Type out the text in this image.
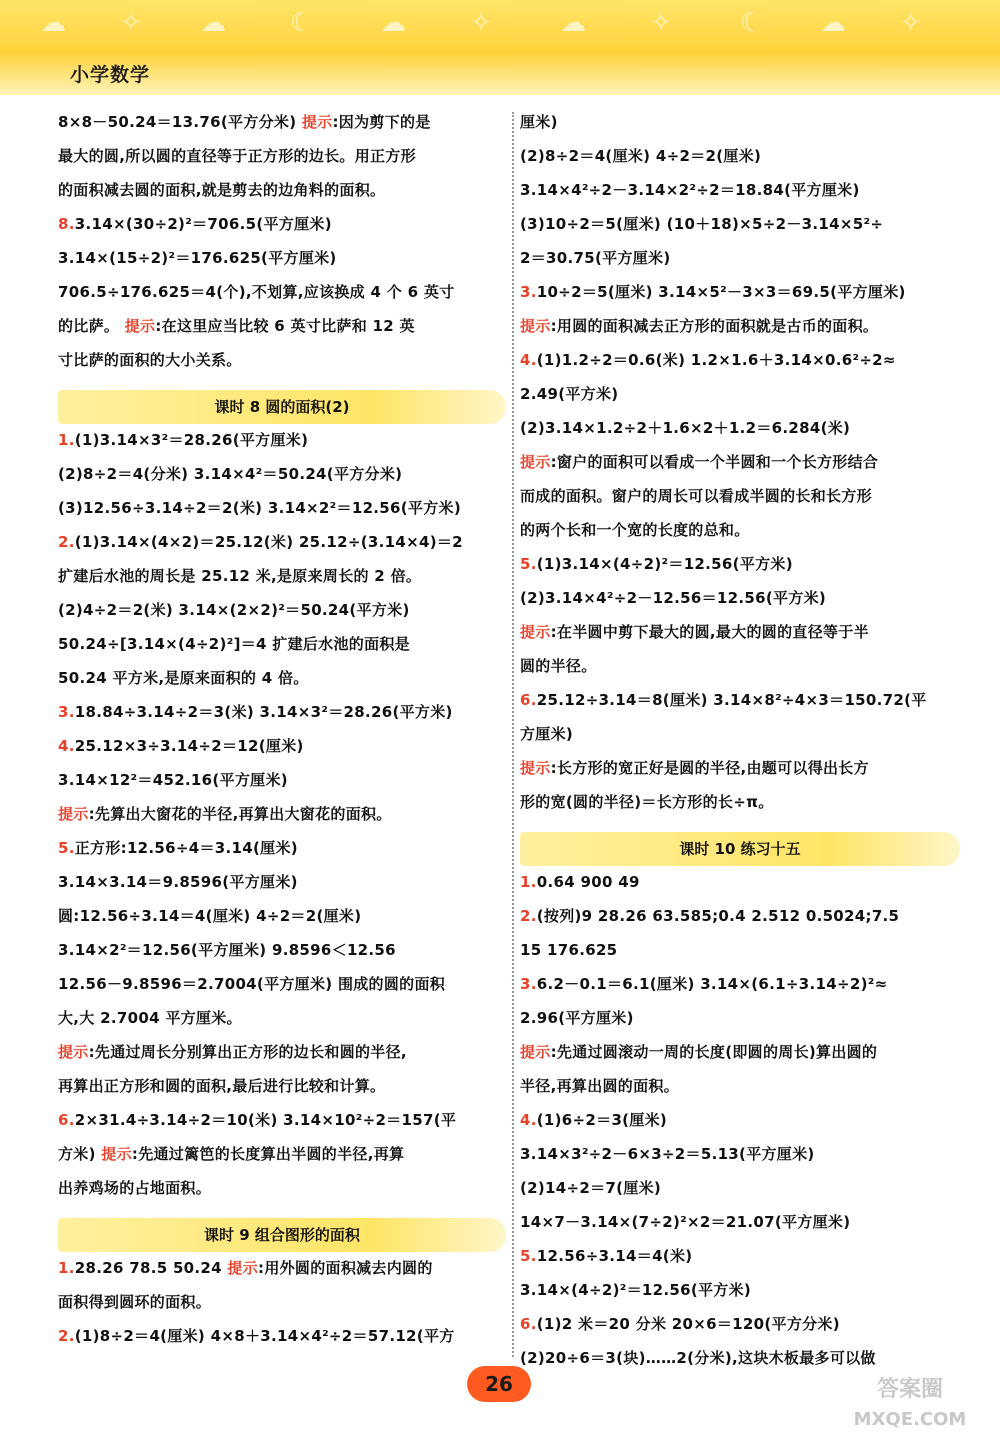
☁ ✧ ☁ ☾	☁ ✧	☁ ✧	☾ ☁ ✧
小学数学
8×8－50.24＝13.76(平方分米) 提示:因为剪下的是
最大的圆,所以圆的直径等于正方形的边长。用正方形
的面积减去圆的面积,就是剪去的边角料的面积。
8.3.14×(30÷2)²＝706.5(平方厘米)
3.14×(15÷2)²＝176.625(平方厘米)
706.5÷176.625＝4(个),不划算,应该换成 4 个 6 英寸
的比萨。 提示:在这里应当比较 6 英寸比萨和 12 英
寸比萨的面积的大小关系。
课时 8 圆的面积(2)
1.(1)3.14×3²＝28.26(平方厘米)
(2)8÷2＝4(分米) 3.14×4²＝50.24(平方分米)
(3)12.56÷3.14÷2＝2(米) 3.14×2²＝12.56(平方米)
2.(1)3.14×(4×2)＝25.12(米) 25.12÷(3.14×4)＝2
扩建后水池的周长是 25.12 米,是原来周长的 2 倍。
(2)4÷2＝2(米) 3.14×(2×2)²＝50.24(平方米)
50.24÷[3.14×(4÷2)²]＝4 扩建后水池的面积是
50.24 平方米,是原来面积的 4 倍。
3.18.84÷3.14÷2＝3(米) 3.14×3²＝28.26(平方米)
4.25.12×3÷3.14÷2＝12(厘米)
3.14×12²＝452.16(平方厘米)
提示:先算出大窗花的半径,再算出大窗花的面积。
5.正方形:12.56÷4＝3.14(厘米)
3.14×3.14＝9.8596(平方厘米)
圆:12.56÷3.14＝4(厘米) 4÷2＝2(厘米)
3.14×2²＝12.56(平方厘米) 9.8596＜12.56
12.56－9.8596＝2.7004(平方厘米) 围成的圆的面积
大,大 2.7004 平方厘米。
提示:先通过周长分别算出正方形的边长和圆的半径,
再算出正方形和圆的面积,最后进行比较和计算。
6.2×31.4÷3.14÷2＝10(米) 3.14×10²÷2＝157(平
方米) 提示:先通过篱笆的长度算出半圆的半径,再算
出养鸡场的占地面积。
课时 9 组合图形的面积
1.28.26 78.5 50.24 提示:用外圆的面积减去内圆的
面积得到圆环的面积。
2.(1)8÷2＝4(厘米) 4×8＋3.14×4²÷2＝57.12(平方
厘米)
(2)8÷2＝4(厘米) 4÷2＝2(厘米)
3.14×4²÷2－3.14×2²÷2＝18.84(平方厘米)
(3)10÷2＝5(厘米) (10＋18)×5÷2－3.14×5²÷
2＝30.75(平方厘米)
3.10÷2＝5(厘米) 3.14×5²－3×3＝69.5(平方厘米)
提示:用圆的面积减去正方形的面积就是古币的面积。
4.(1)1.2÷2＝0.6(米) 1.2×1.6＋3.14×0.6²÷2≈
2.49(平方米)
(2)3.14×1.2÷2＋1.6×2＋1.2＝6.284(米)
提示:窗户的面积可以看成一个半圆和一个长方形结合
而成的面积。窗户的周长可以看成半圆的长和长方形
的两个长和一个宽的长度的总和。
5.(1)3.14×(4÷2)²＝12.56(平方米)
(2)3.14×4²÷2－12.56＝12.56(平方米)
提示:在半圆中剪下最大的圆,最大的圆的直径等于半
圆的半径。
6.25.12÷3.14＝8(厘米) 3.14×8²÷4×3＝150.72(平
方厘米)
提示:长方形的宽正好是圆的半径,由题可以得出长方
形的宽(圆的半径)＝长方形的长÷π。
课时 10 练习十五
1.0.64 900 49
2.(按列)9 28.26 63.585;0.4 2.512 0.5024;7.5
15 176.625
3.6.2－0.1＝6.1(厘米) 3.14×(6.1÷3.14÷2)²≈
2.96(平方厘米)
提示:先通过圆滚动一周的长度(即圆的周长)算出圆的
半径,再算出圆的面积。
4.(1)6÷2＝3(厘米)
3.14×3²÷2－6×3÷2＝5.13(平方厘米)
(2)14÷2＝7(厘米)
14×7－3.14×(7÷2)²×2＝21.07(平方厘米)
5.12.56÷3.14＝4(米)
3.14×(4÷2)²＝12.56(平方米)
6.(1)2 米＝20 分米 20×6＝120(平方分米)
(2)20÷6＝3(块)……2(分米),这块木板最多可以做
26	答案圈
MXQE.COM
